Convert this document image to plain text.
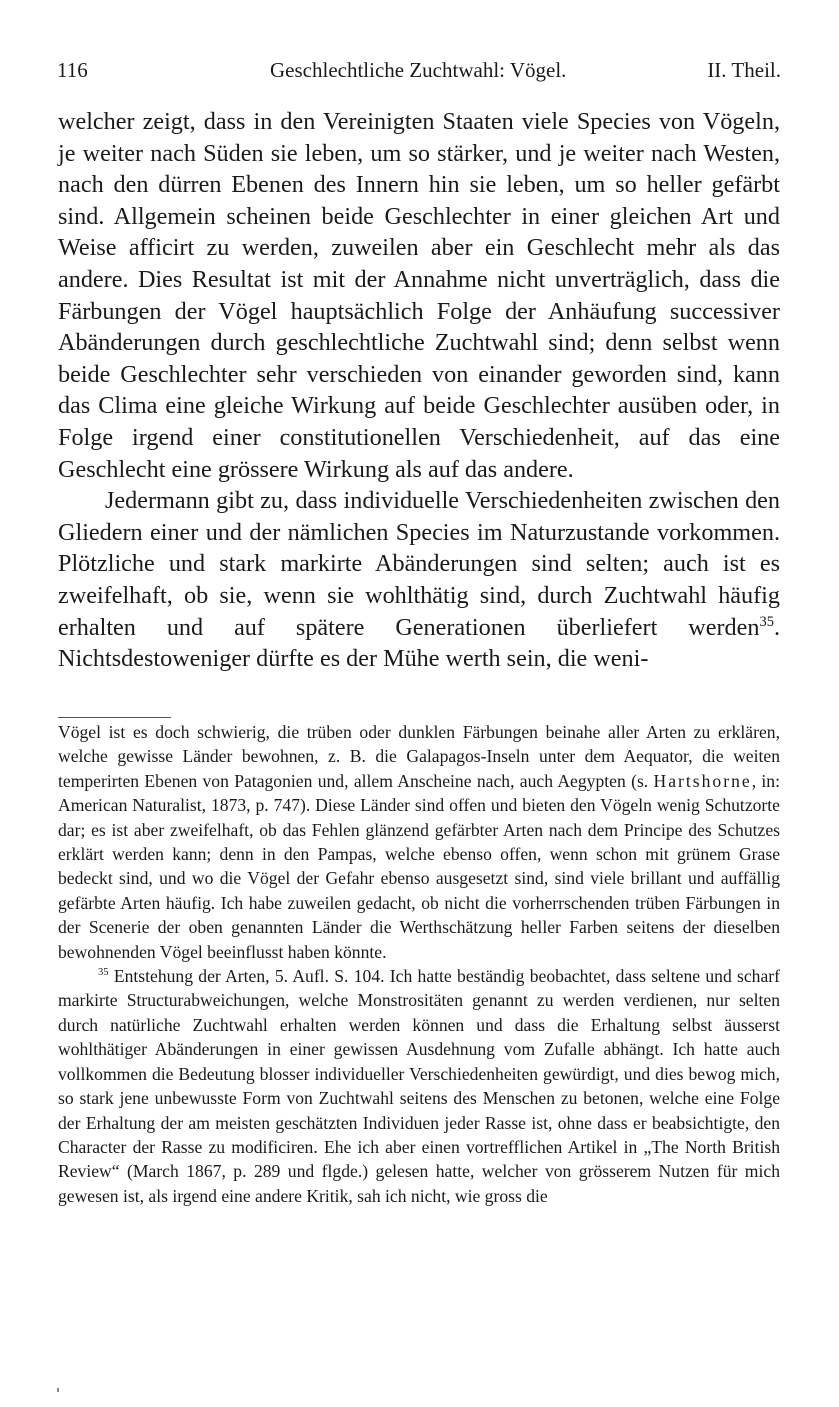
116	Geschlechtliche Zuchtwahl: Vögel.	II. Theil.

welcher zeigt, dass in den Vereinigten Staaten viele Species von Vögeln, je weiter nach Süden sie leben, um so stärker, und je weiter nach Westen, nach den dürren Ebenen des Innern hin sie leben, um so heller gefärbt sind. Allgemein scheinen beide Geschlechter in einer gleichen Art und Weise afficirt zu werden, zuweilen aber ein Geschlecht mehr als das andere. Dies Resultat ist mit der Annahme nicht unverträglich, dass die Färbungen der Vögel hauptsächlich Folge der Anhäufung successiver Abänderungen durch geschlechtliche Zuchtwahl sind; denn selbst wenn beide Geschlechter sehr verschieden von einander geworden sind, kann das Clima eine gleiche Wirkung auf beide Geschlechter ausüben oder, in Folge irgend einer constitutionellen Verschiedenheit, auf das eine Geschlecht eine grössere Wirkung als auf das andere.

Jedermann gibt zu, dass individuelle Verschiedenheiten zwischen den Gliedern einer und der nämlichen Species im Naturzustande vorkommen. Plötzliche und stark markirte Abänderungen sind selten; auch ist es zweifelhaft, ob sie, wenn sie wohlthätig sind, durch Zuchtwahl häufig erhalten und auf spätere Generationen überliefert werden$^{35}$. Nichtsdestoweniger dürfte es der Mühe werth sein, die weni-

Vögel ist es doch schwierig, die trüben oder dunklen Färbungen beinahe aller Arten zu erklären, welche gewisse Länder bewohnen, z. B. die Galapagos-Inseln unter dem Aequator, die weiten temperirten Ebenen von Patagonien und, allem Anscheine nach, auch Aegypten (s. Hartshorne, in: American Naturalist, 1873, p. 747). Diese Länder sind offen und bieten den Vögeln wenig Schutzorte dar; es ist aber zweifelhaft, ob das Fehlen glänzend gefärbter Arten nach dem Principe des Schutzes erklärt werden kann; denn in den Pampas, welche ebenso offen, wenn schon mit grünem Grase bedeckt sind, und wo die Vögel der Gefahr ebenso ausgesetzt sind, sind viele brillant und auffällig gefärbte Arten häufig. Ich habe zuweilen gedacht, ob nicht die vorherrschenden trüben Färbungen in der Scenerie der oben genannten Länder die Werthschätzung heller Farben seitens der dieselben bewohnenden Vögel beeinflusst haben könnte.

$^{35}$ Entstehung der Arten, 5. Aufl. S. 104. Ich hatte beständig beobachtet, dass seltene und scharf markirte Structurabweichungen, welche Monstrositäten genannt zu werden verdienen, nur selten durch natürliche Zuchtwahl erhalten werden können und dass die Erhaltung selbst äusserst wohlthätiger Abänderungen in einer gewissen Ausdehnung vom Zufalle abhängt. Ich hatte auch vollkommen die Bedeutung blosser individueller Verschiedenheiten gewürdigt, und dies bewog mich, so stark jene unbewusste Form von Zuchtwahl seitens des Menschen zu betonen, welche eine Folge der Erhaltung der am meisten geschätzten Individuen jeder Rasse ist, ohne dass er beabsichtigte, den Character der Rasse zu modificiren. Ehe ich aber einen vortrefflichen Artikel in „The North British Review“ (March 1867, p. 289 und flgde.) gelesen hatte, welcher von grösserem Nutzen für mich gewesen ist, als irgend eine andere Kritik, sah ich nicht, wie gross die
